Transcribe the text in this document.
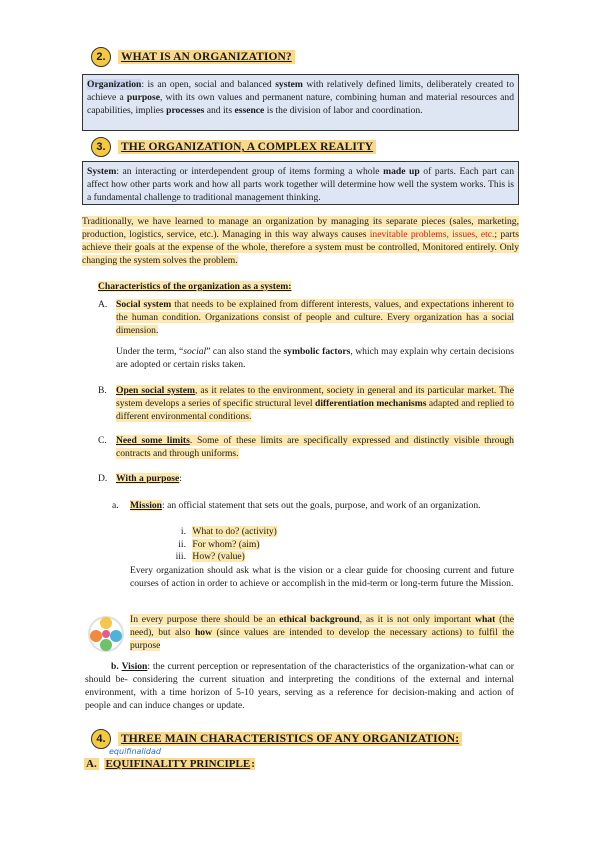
2. WHAT IS AN ORGANIZATION?

Organization: is an open, social and balanced system with relatively defined limits, deliberately created to achieve a purpose, with its own values and permanent nature, combining human and material resources and capabilities, implies processes and its essence is the division of labor and coordination.

3. THE ORGANIZATION, A COMPLEX REALITY

System: an interacting or interdependent group of items forming a whole made up of parts. Each part can affect how other parts work and how all parts work together will determine how well the system works. This is a fundamental challenge to traditional management thinking.

Traditionally, we have learned to manage an organization by managing its separate pieces (sales, marketing, production, logistics, service, etc.). Managing in this way always causes inevitable problems, issues, etc.; parts achieve their goals at the expense of the whole, therefore a system must be controlled, Monitored entirely. Only changing the system solves the problem.

Characteristics of the organization as a system:
A. Social system that needs to be explained from different interests, values, and expectations inherent to the human condition. Organizations consist of people and culture. Every organization has a social dimension.

Under the term, “social” can also stand the symbolic factors, which may explain why certain decisions are adopted or certain risks taken.

B. Open social system, as it relates to the environment, society in general and its particular market. The system develops a series of specific structural level differentiation mechanisms adapted and replied to different environmental conditions.

C. Need some limits. Some of these limits are specifically expressed and distinctly visible through contracts and through uniforms.

D. With a purpose:
a. Mission: an official statement that sets out the goals, purpose, and work of an organization.

i. What to do? (activity)
ii. For whom? (aim)
iii. How? (value)

Every organization should ask what is the vision or a clear guide for choosing current and future courses of action in order to achieve or accomplish in the mid-term or long-term future the Mission.

In every purpose there should be an ethical background, as it is not only important what (the need), but also how (since values are intended to develop the necessary actions) to fulfil the purpose

b. Vision: the current perception or representation of the characteristics of the organization-what can or should be- considering the current situation and interpreting the conditions of the external and internal environment, with a time horizon of 5-10 years, serving as a reference for decision-making and action of people and can induce changes or update.

4. THREE MAIN CHARACTERISTICS OF ANY ORGANIZATION:
equifinalidad
A. EQUIFINALITY PRINCIPLE:
